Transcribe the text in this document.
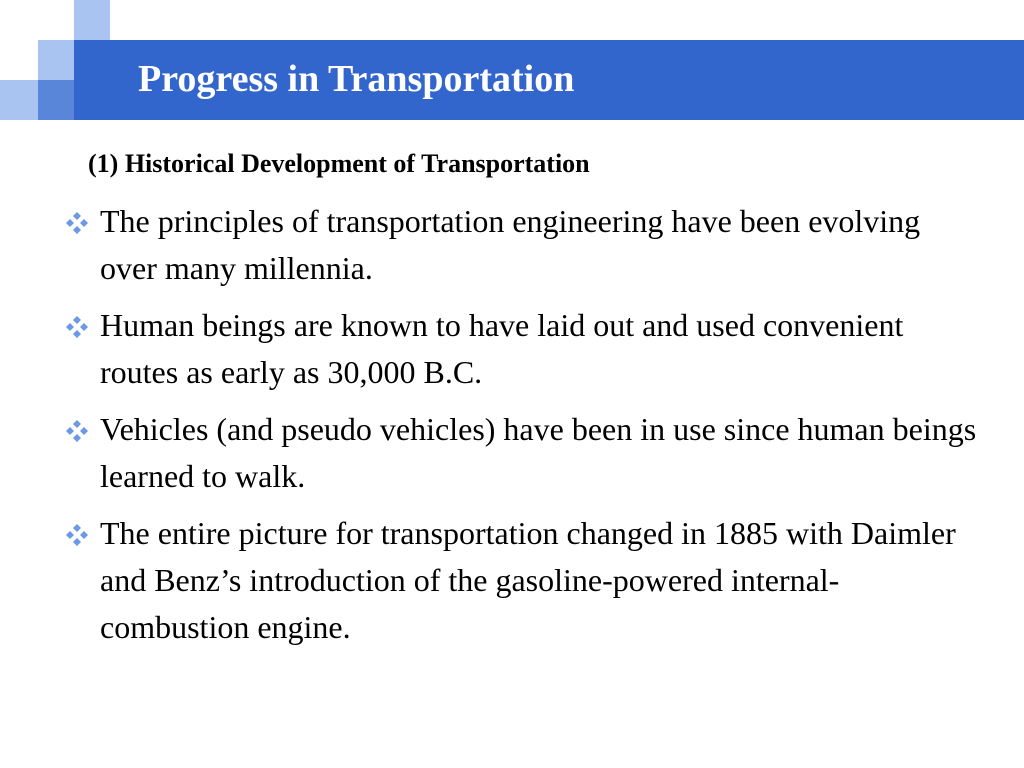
Progress in Transportation
(1) Historical Development of Transportation
The principles of transportation engineering have been evolving over many millennia.
Human beings are known to have laid out and used convenient routes as early as 30,000 B.C.
Vehicles (and pseudo vehicles) have been in use since human beings learned to walk.
The entire picture for transportation changed in 1885 with Daimler and Benz’s introduction of the gasoline-powered internal-combustion engine.
